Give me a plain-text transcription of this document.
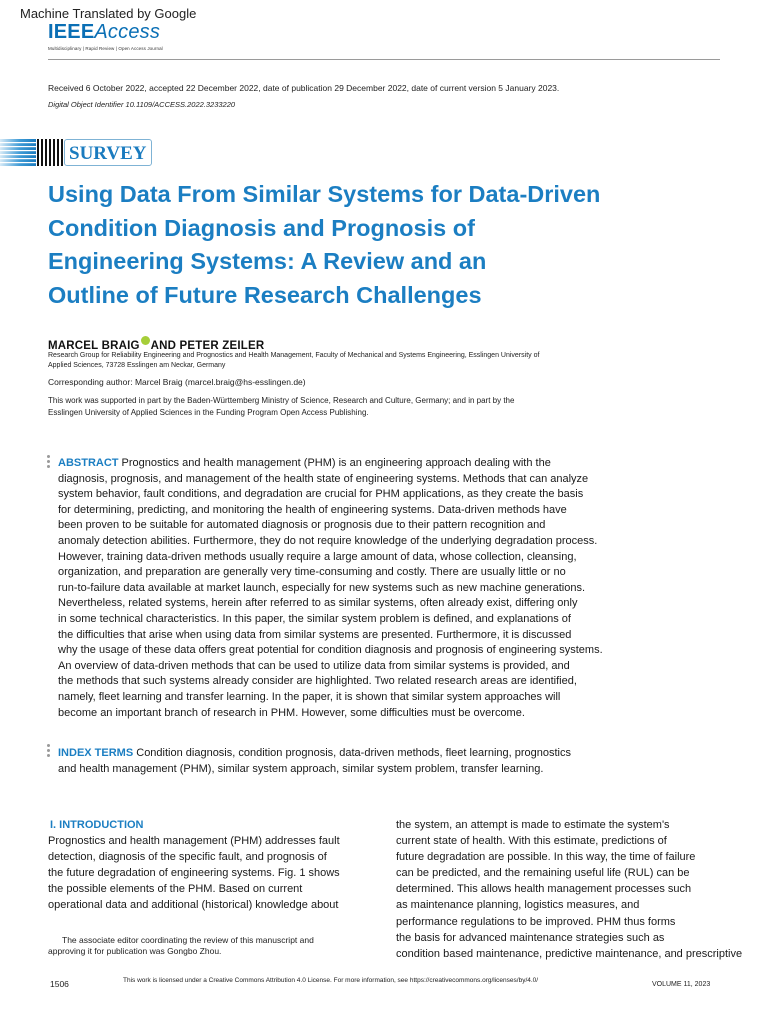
Machine Translated by Google
IEEEAccess
Multidisciplinary | Rapid Review | Open Access Journal
Received 6 October 2022, accepted 22 December 2022, date of publication 29 December 2022, date of current version 5 January 2023.
Digital Object Identifier 10.1109/ACCESS.2022.3233220
SURVEY
Using Data From Similar Systems for Data-Driven
Condition Diagnosis and Prognosis of
Engineering Systems: A Review and an
Outline of Future Research Challenges
MARCEL BRAIG AND PETER ZEILER
Research Group for Reliability Engineering and Prognostics and Health Management, Faculty of Mechanical and Systems Engineering, Esslingen University of
Applied Sciences, 73728 Esslingen am Neckar, Germany
Corresponding author: Marcel Braig (marcel.braig@hs-esslingen.de)
This work was supported in part by the Baden-Württemberg Ministry of Science, Research and Culture, Germany; and in part by the
Esslingen University of Applied Sciences in the Funding Program Open Access Publishing.
ABSTRACT Prognostics and health management (PHM) is an engineering approach dealing with the
diagnosis, prognosis, and management of the health state of engineering systems. Methods that can analyze
system behavior, fault conditions, and degradation are crucial for PHM applications, as they create the basis
for determining, predicting, and monitoring the health of engineering systems. Data-driven methods have
been proven to be suitable for automated diagnosis or prognosis due to their pattern recognition and
anomaly detection abilities. Furthermore, they do not require knowledge of the underlying degradation process.
However, training data-driven methods usually require a large amount of data, whose collection, cleansing,
organization, and preparation are generally very time-consuming and costly. There are usually little or no
run-to-failure data available at market launch, especially for new systems such as new machine generations.
Nevertheless, related systems, herein after referred to as similar systems, often already exist, differing only
in some technical characteristics. In this paper, the similar system problem is defined, and explanations of
the difficulties that arise when using data from similar systems are presented. Furthermore, it is discussed
why the usage of these data offers great potential for condition diagnosis and prognosis of engineering systems.
An overview of data-driven methods that can be used to utilize data from similar systems is provided, and
the methods that such systems already consider are highlighted. Two related research areas are identified,
namely, fleet learning and transfer learning. In the paper, it is shown that similar system approaches will
become an important branch of research in PHM. However, some difficulties must be overcome.
INDEX TERMS Condition diagnosis, condition prognosis, data-driven methods, fleet learning, prognostics
and health management (PHM), similar system approach, similar system problem, transfer learning.
I. INTRODUCTION
Prognostics and health management (PHM) addresses fault
detection, diagnosis of the specific fault, and prognosis of
the future degradation of engineering systems. Fig. 1 shows
the possible elements of the PHM. Based on current
operational data and additional (historical) knowledge about
the system, an attempt is made to estimate the system's
current state of health. With this estimate, predictions of
future degradation are possible. In this way, the time of failure
can be predicted, and the remaining useful life (RUL) can be
determined. This allows health management processes such
as maintenance planning, logistics measures, and
performance regulations to be improved. PHM thus forms
the basis for advanced maintenance strategies such as
condition based maintenance, predictive maintenance, and prescriptive
The associate editor coordinating the review of this manuscript and
approving it for publication was Gongbo Zhou.
1506	This work is licensed under a Creative Commons Attribution 4.0 License. For more information, see https://creativecommons.org/licenses/by/4.0/
VOLUME 11, 2023
